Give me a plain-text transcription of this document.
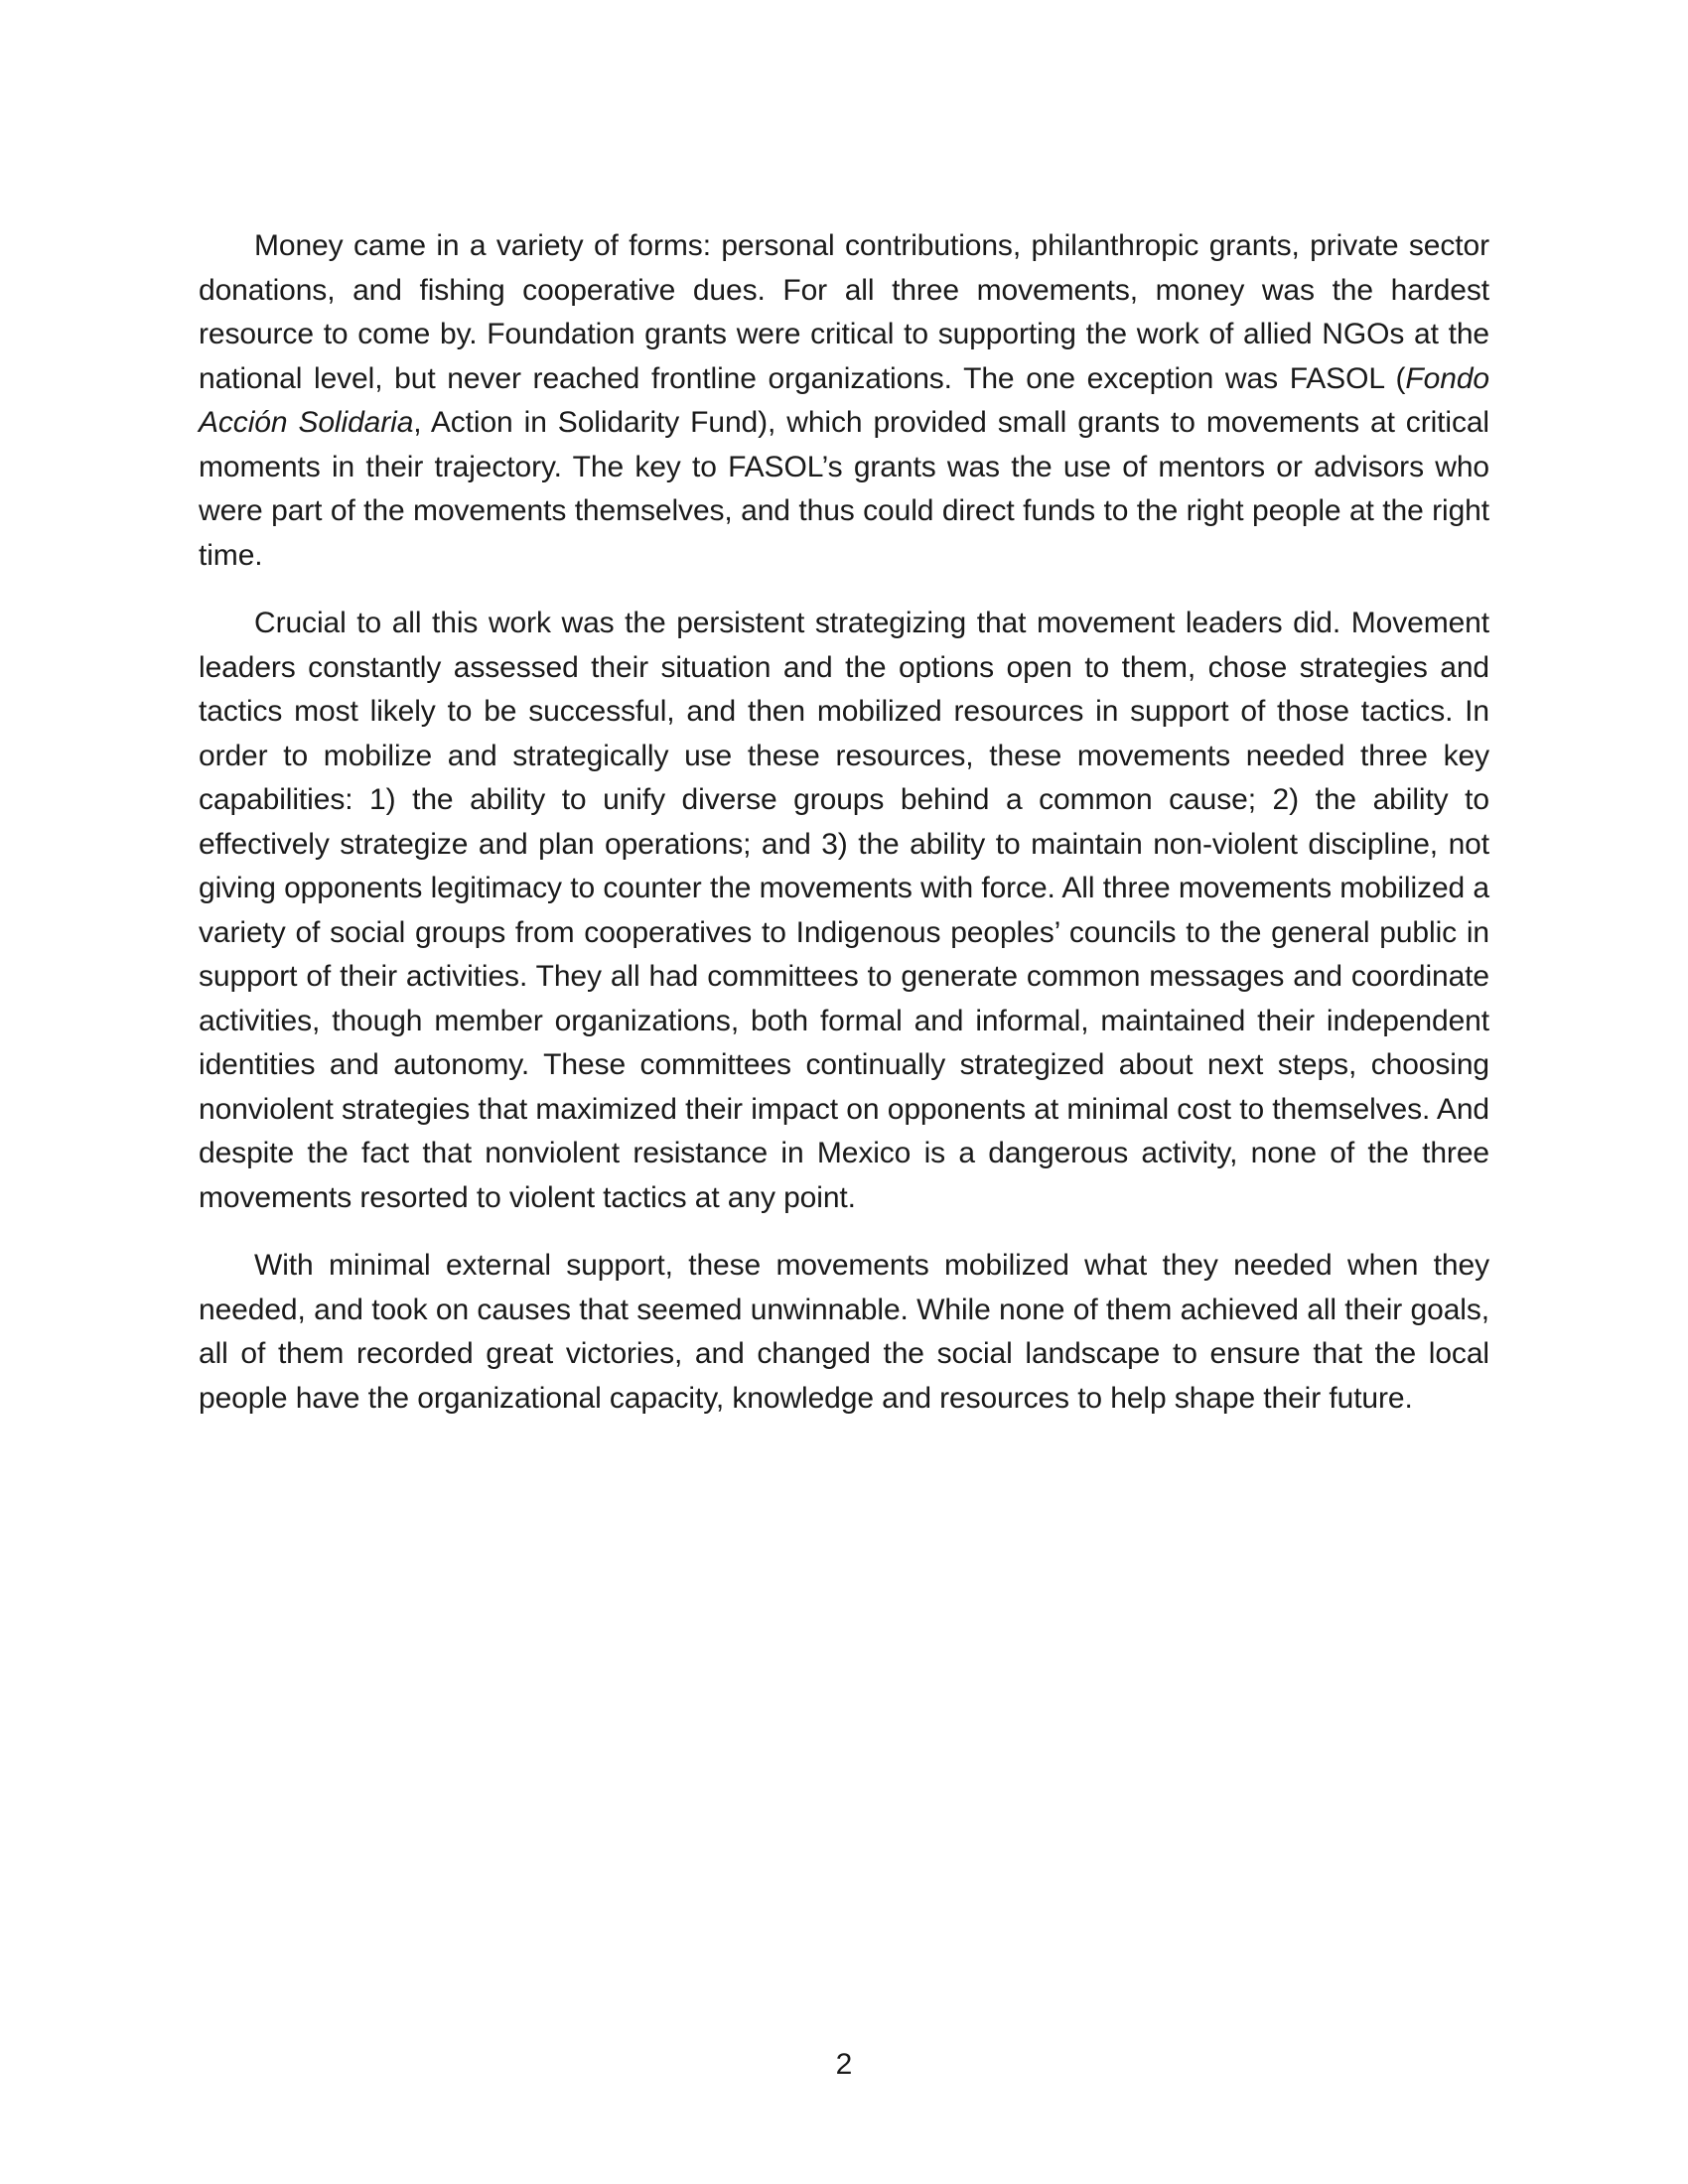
Money came in a variety of forms: personal contributions, philanthropic grants, private sector donations, and fishing cooperative dues. For all three movements, money was the hardest resource to come by. Foundation grants were critical to supporting the work of allied NGOs at the national level, but never reached frontline organizations. The one exception was FASOL (Fondo Acción Solidaria, Action in Solidarity Fund), which provided small grants to movements at critical moments in their trajectory. The key to FASOL’s grants was the use of mentors or advisors who were part of the movements themselves, and thus could direct funds to the right people at the right time.

Crucial to all this work was the persistent strategizing that movement leaders did. Movement leaders constantly assessed their situation and the options open to them, chose strategies and tactics most likely to be successful, and then mobilized resources in support of those tactics. In order to mobilize and strategically use these resources, these movements needed three key capabilities: 1) the ability to unify diverse groups behind a common cause; 2) the ability to effectively strategize and plan operations; and 3) the ability to maintain non-violent discipline, not giving opponents legitimacy to counter the movements with force. All three movements mobilized a variety of social groups from cooperatives to Indigenous peoples’ councils to the general public in support of their activities. They all had committees to generate common messages and coordinate activities, though member organizations, both formal and informal, maintained their independent identities and autonomy. These committees continually strategized about next steps, choosing nonviolent strategies that maximized their impact on opponents at minimal cost to themselves. And despite the fact that nonviolent resistance in Mexico is a dangerous activity, none of the three movements resorted to violent tactics at any point.

With minimal external support, these movements mobilized what they needed when they needed, and took on causes that seemed unwinnable. While none of them achieved all their goals, all of them recorded great victories, and changed the social landscape to ensure that the local people have the organizational capacity, knowledge and resources to help shape their future.

2
